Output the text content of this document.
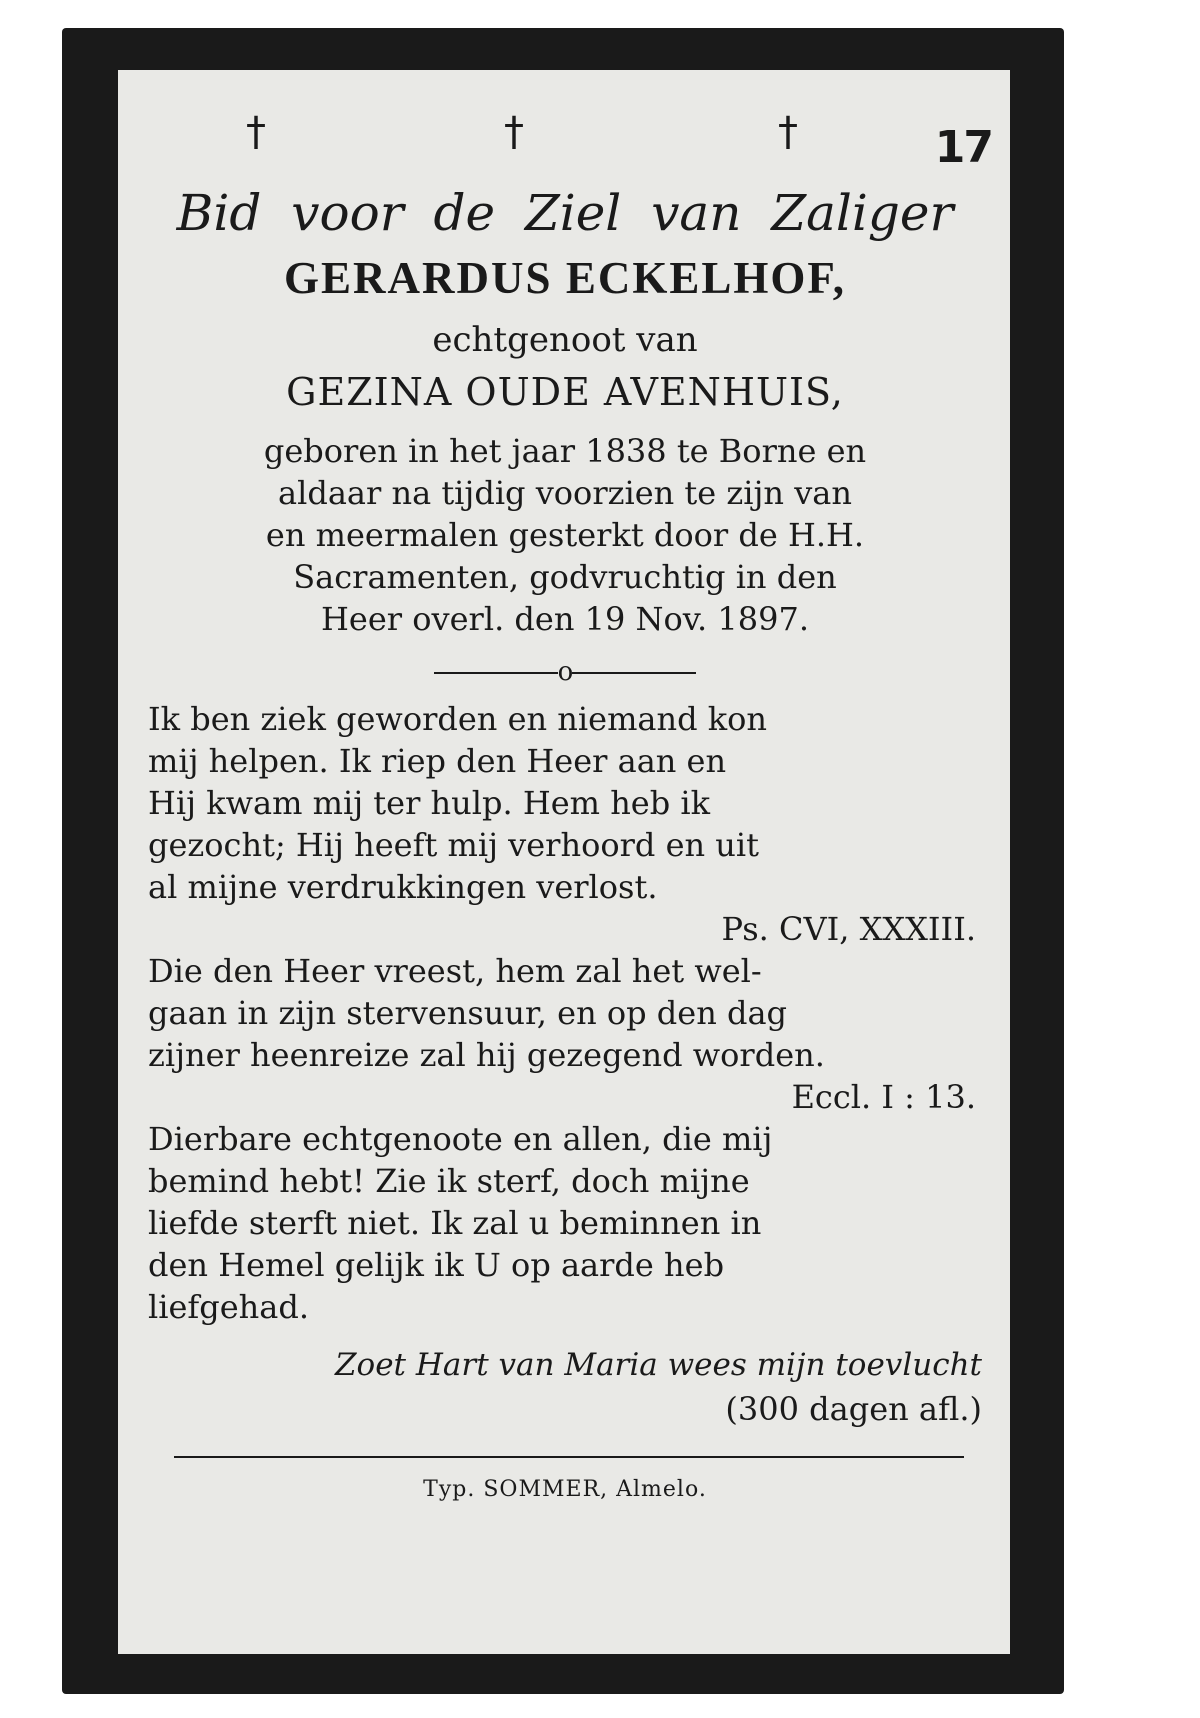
†	†	†	17

Bid voor de Ziel van Zaliger

GERARDUS ECKELHOF,

echtgenoot van

GEZINA OUDE AVENHUIS,

geboren in het jaar 1838 te Borne en
aldaar na tijdig voorzien te zijn van
en meermalen gesterkt door de H.H.
Sacramenten, godvruchtig in den
Heer overl. den 19 Nov. 1897.

o

Ik ben ziek geworden en niemand kon
mij helpen. Ik riep den Heer aan en
Hij kwam mij ter hulp. Hem heb ik
gezocht; Hij heeft mij verhoord en uit
al mijne verdrukkingen verlost.

Ps. CVI, XXXIII.

Die den Heer vreest, hem zal het wel-
gaan in zijn stervensuur, en op den dag
zijner heenreize zal hij gezegend worden.

Eccl. I : 13.

Dierbare echtgenoote en allen, die mij
bemind hebt! Zie ik sterf, doch mijne
liefde sterft niet. Ik zal u beminnen in
den Hemel gelijk ik U op aarde heb
liefgehad.

Zoet Hart van Maria wees mijn toevlucht

(300 dagen afl.)

Typ. SOMMER, Almelo.
